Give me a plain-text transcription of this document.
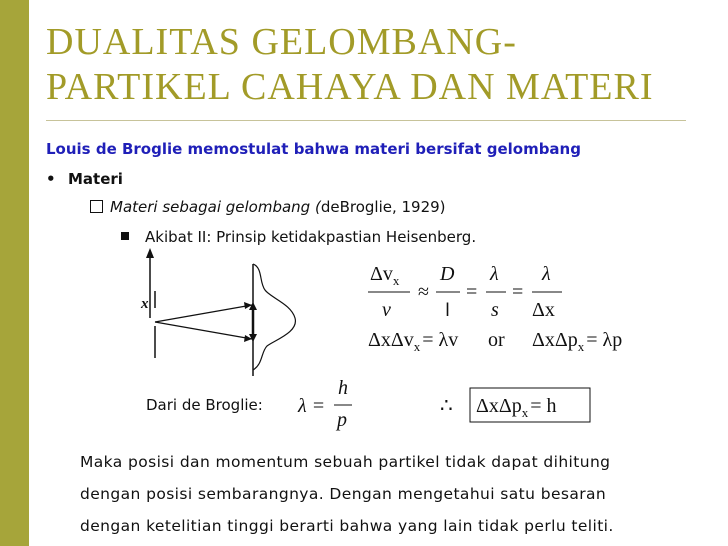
DUALITAS GELOMBANG-
PARTIKEL CAHAYA DAN MATERI
Louis de Broglie memostulat bahwa materi bersifat gelombang
• Materi
Materi sebagai gelombang (deBroglie, 1929)
Akibat II: Prinsip ketidakpastian Heisenberg.
x
$\Delta v_x$
v
≈
D
l
=
λ
s
=
λ
Δx
ΔxΔv$_x$ = λv or ΔxΔp$_x$ = λp
Dari de Broglie: λ =
h
p
∴ ΔxΔp$_x$ = h
Maka posisi dan momentum sebuah partikel tidak dapat dihitung
dengan posisi sembarangnya. Dengan mengetahui satu besaran
dengan ketelitian tinggi berarti bahwa yang lain tidak perlu teliti.
